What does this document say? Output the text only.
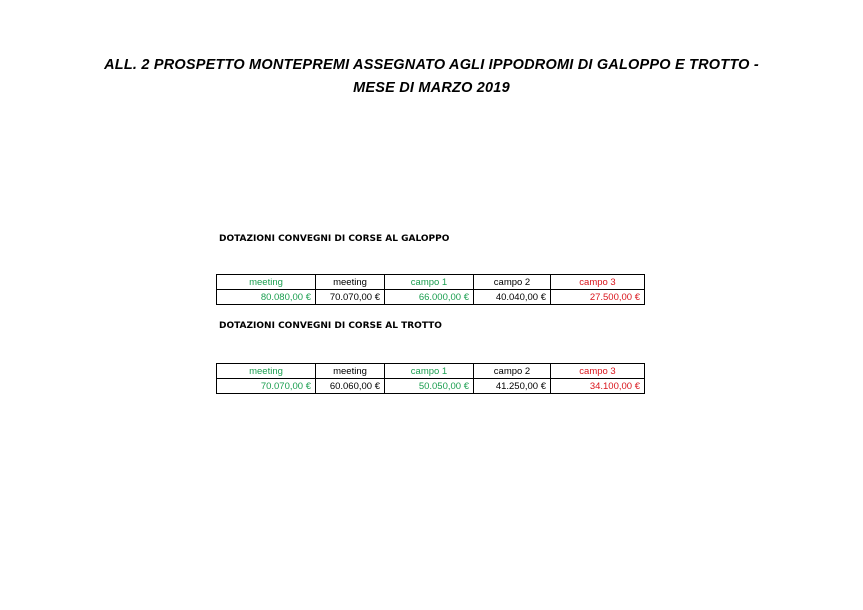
ALL. 2 PROSPETTO MONTEPREMI ASSEGNATO AGLI IPPODROMI DI GALOPPO E TROTTO -
MESE DI MARZO 2019

DOTAZIONI CONVEGNI DI CORSE AL GALOPPO

meeting	meeting	campo 1	campo 2	campo 3
80.080,00 €	70.070,00 €	66.000,00 €	40.040,00 €	27.500,00 €

DOTAZIONI CONVEGNI DI CORSE AL TROTTO

meeting	meeting	campo 1	campo 2	campo 3
70.070,00 €	60.060,00 €	50.050,00 €	41.250,00 €	34.100,00 €
